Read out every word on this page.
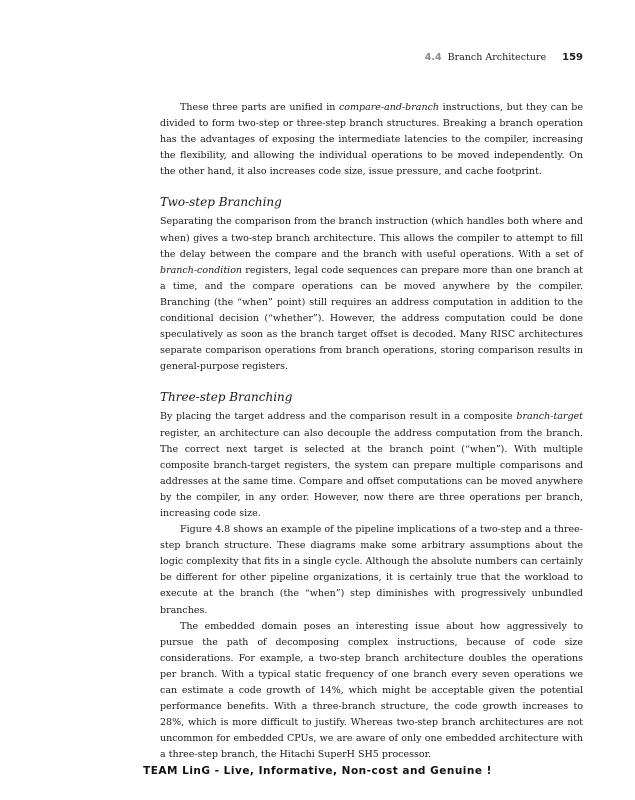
4.4 Branch Architecture 159

These three parts are unified in compare-and-branch instructions, but they can be divided to form two-step or three-step branch structures. Breaking a branch operation has the advantages of exposing the intermediate latencies to the compiler, increasing the flexibility, and allowing the individual operations to be moved independently. On the other hand, it also increases code size, issue pressure, and cache footprint.

Two-step Branching

Separating the comparison from the branch instruction (which handles both where and when) gives a two-step branch architecture. This allows the compiler to attempt to fill the delay between the compare and the branch with useful operations. With a set of branch-condition registers, legal code sequences can prepare more than one branch at a time, and the compare operations can be moved anywhere by the compiler. Branching (the “when” point) still requires an address computation in addition to the conditional decision (“whether”). However, the address computation could be done speculatively as soon as the branch target offset is decoded. Many RISC architectures separate comparison operations from branch operations, storing comparison results in general-purpose registers.

Three-step Branching

By placing the target address and the comparison result in a composite branch-target register, an architecture can also decouple the address computation from the branch. The correct next target is selected at the branch point (“when”). With multiple composite branch-target registers, the system can prepare multiple comparisons and addresses at the same time. Compare and offset computations can be moved anywhere by the compiler, in any order. However, now there are three operations per branch, increasing code size.

Figure 4.8 shows an example of the pipeline implications of a two-step and a three-step branch structure. These diagrams make some arbitrary assumptions about the logic complexity that fits in a single cycle. Although the absolute numbers can certainly be different for other pipeline organizations, it is certainly true that the workload to execute at the branch (the “when”) step diminishes with progressively unbundled branches.

The embedded domain poses an interesting issue about how aggressively to pursue the path of decomposing complex instructions, because of code size considerations. For example, a two-step branch architecture doubles the operations per branch. With a typical static frequency of one branch every seven operations we can estimate a code growth of 14%, which might be acceptable given the potential performance benefits. With a three-branch structure, the code growth increases to 28%, which is more difficult to justify. Whereas two-step branch architectures are not uncommon for embedded CPUs, we are aware of only one embedded architecture with a three-step branch, the Hitachi SuperH SH5 processor.

TEAM LinG - Live, Informative, Non-cost and Genuine !
